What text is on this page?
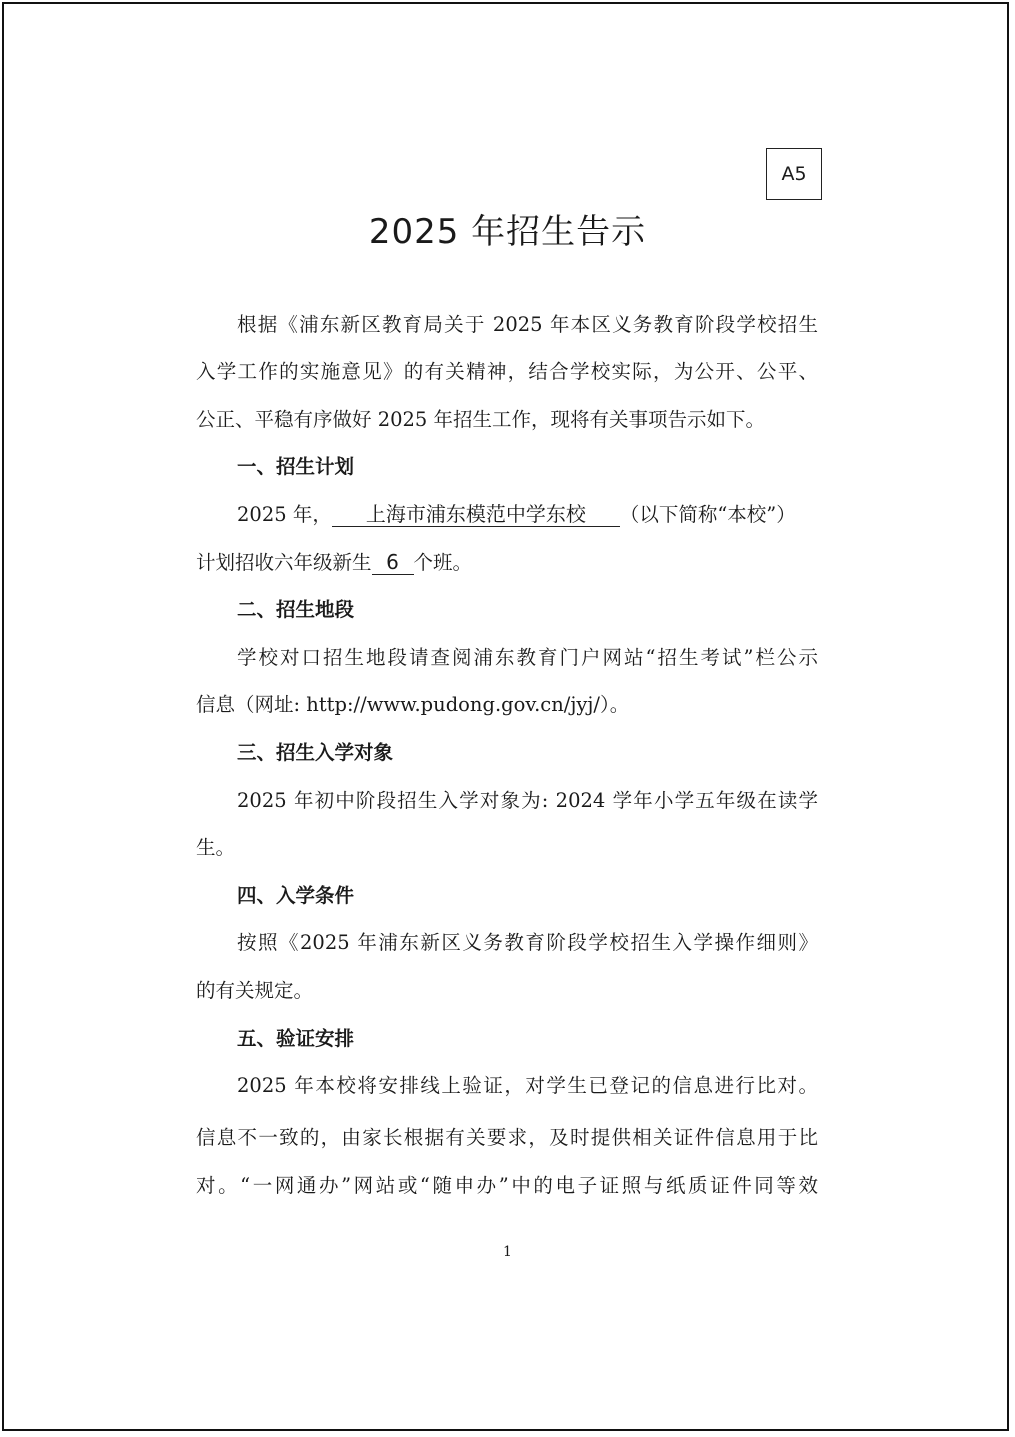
A5
2025 年招生告示
根据《浦东新区教育局关于 2025 年本区义务教育阶段学校招生
入学工作的实施意见》的有关精神，结合学校实际，为公开、公平、
公正、平稳有序做好 2025 年招生工作，现将有关事项告示如下。
一、招生计划
2025 年， 上海市浦东模范中学东校 （以下简称“本校”）
计划招收六年级新生 6 个班。
二、招生地段
学校对口招生地段请查阅浦东教育门户网站“招生考试”栏公示
信息（网址: http://www.pudong.gov.cn/jyj/）。
三、招生入学对象
2025 年初中阶段招生入学对象为: 2024 学年小学五年级在读学
生。
四、入学条件
按照《2025 年浦东新区义务教育阶段学校招生入学操作细则》
的有关规定。
五、验证安排
2025 年本校将安排线上验证，对学生已登记的信息进行比对。
信息不一致的，由家长根据有关要求，及时提供相关证件信息用于比
对。“一网通办”网站或“随申办”中的电子证照与纸质证件同等效
1
